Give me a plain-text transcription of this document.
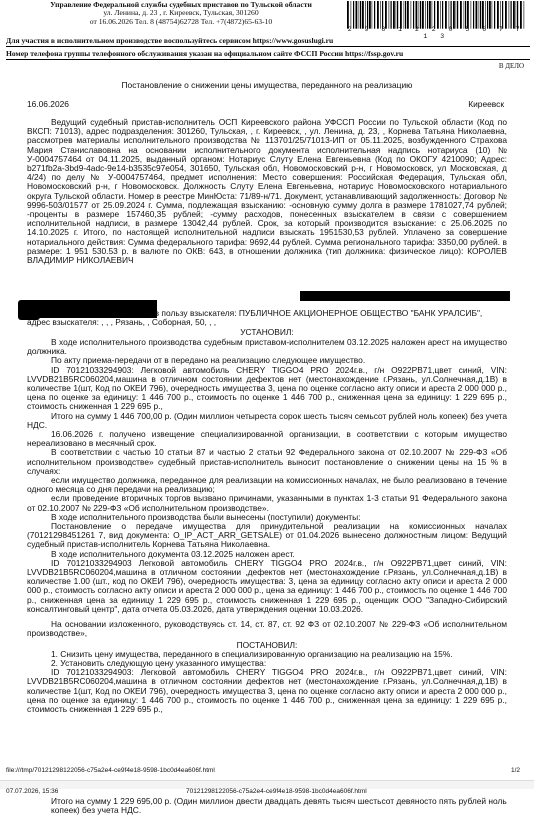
Управление Федеральной службы судебных приставов по Тульской области
ул. Ленина, д. 23 , г. Киреевск, Тульская, 301260
от 16.06.2026 Тел. 8 (48754)62728 Тел. +7(4872)65-63-10
2 9 8 1 2 2 0 5 6 7 7 1 3
Для участия в исполнительном производстве воспользуйтесь сервисом https://www.gosuslugi.ru
Номер телефона группы телефонного обслуживания указан на официальном сайте ФССП России https://fssp.gov.ru
В ДЕЛО
Постановление о снижении цены имущества, переданного на реализацию
16.06.2026	Киреевск

Ведущий судебный пристав-исполнитель ОСП Киреевского района УФССП России по Тульской области (Код по ВКСП: 71013), адрес подразделения: 301260, Тульская, , г. Киреевск, , ул. Ленина, д. 23, , Корнева Татьяна Николаевна, рассмотрев материалы исполнительного производства № 113701/25/71013-ИП от 05.11.2025, возбужденного Страхова Мария Станиславовна на основании исполнительного документа исполнительная надпись нотариуса (10) № У-0004757464 от 04.11.2025, выданный органом: Нотариус Слуту Елена Евгеньевна (Код по ОКОГУ 4210090; Адрес: b271fb2a-3bd9-4adc-9e14-b3535c97e054, 301650, Тульская обл, Новомосковский р-н, г Новомосковск, ул Московская, д 4/24) по делу № У-0004757464, предмет исполнения: Место совершения: Российская Федерация, Тульская обл, Новомосковский р-н, г Новомосковск. Должность Слуту Елена Евгеньевна, нотариус Новомосковского нотариального округа Тульской области. Номер в реестре МинЮста: 71/89-н/71. Документ, устанавливающий задолженность: Договор № 9996-503/01577 от 25.09.2024 г. Сумма, подлежащая взысканию: -основную сумму долга в размере 1781027,74 рублей; -проценты в размере 157460,35 рублей; -сумму расходов, понесенных взыскателем в связи с совершением исполнительной надписи, в размере 13042,44 рублей. Срок, за который производится взыскание: с 25.06.2025 по 14.10.2025 г. Итого, по настоящей исполнительной надписи взыскать 1951530,53 рублей. Уплачено за совершение нотариального действия: Сумма федерального тарифа: 9692,44 рублей. Сумма регионального тарифа: 3350,00 рублей. в размере: 1 951 530.53 р. в валюте по ОКВ: 643, в отношении должника (тип должника: физическое лицо): КОРОЛЕВ ВЛАДИМИР НИКОЛАЕВИЧ

, в пользу взыскателя: ПУБЛИЧНОЕ АКЦИОНЕРНОЕ ОБЩЕСТВО "БАНК УРАЛСИБ",
адрес взыскателя: , , , Рязань, , Соборная, 50, , ,
УСТАНОВИЛ:

В ходе исполнительного производства судебным приставом-исполнителем 03.12.2025 наложен арест на имущество должника.

По акту приема-передачи от в передано на реализацию следующее имущество.

ID 70121033294903: Легковой автомобиль CHERY TIGGO4 PRO 2024г.в., г/н O922PB71,цвет синий, VIN: LVVDB21B5RC060204,машина в отличном состоянии дефектов нет (местонахождение г.Рязань, ул.Солнечная,д.1В) в количестве 1(шт, Код по ОКЕИ 796), очередность имущества 3, цена по оценке согласно акту описи и ареста 2 000 000 р., цена по оценке за единицу: 1 446 700 р., стоимость по оценке 1 446 700 р., сниженная цена за единицу: 1 229 695 р., стоимость сниженная 1 229 695 р.,

Итого на сумму 1 446 700,00 р. (Один миллион четыреста сорок шесть тысяч семьсот рублей ноль копеек) без учета НДС.

16.06.2026 г. получено извещение специализированной организации, в соответствии с которым имущество нереализовано в месячный срок.

В соответствии с частью 10 статьи 87 и частью 2 статьи 92 Федерального закона от 02.10.2007 № 229-ФЗ «Об исполнительном производстве» судебный пристав-исполнитель выносит постановление о снижении цены на 15 % в случаях:

если имущество должника, переданное для реализации на комиссионных началах, не было реализовано в течение одного месяца со дня передачи на реализацию;

если проведение вторичных торгов вызвано причинами, указанными в пунктах 1-3 статьи 91 Федерального закона от 02.10.2007 № 229-ФЗ «Об исполнительном производстве».

В ходе исполнительного производства были вынесены (поступили) документы:

Постановление о передаче имущества для принудительной реализации на комиссионных началах (70121298451261 7, вид документа: O_IP_ACT_ARR_GETSALE) от 01.04.2026 вынесено должностным лицом: Ведущий судебный пристав-исполнитель Корнева Татьяна Николаевна.

В ходе исполнительного документа 03.12.2025 наложен арест.

ID 70121033294903 Легковой автомобиль CHERY TIGGO4 PRO 2024г.в., г/н O922PB71,цвет синий, VIN: LVVDB21B5RC060204,машина в отличном состоянии ,дефектов нет (местонахождение г.Рязань, ул.Солнечная,д.1В) в количестве 1.00 (шт., код по ОКЕИ 796), очередность имущества: 3, цена за единицу согласно акту описи и ареста 2 000 000 р., стоимость согласно акту описи и ареста 2 000 000 р., цена за единицу: 1 446 700 р., стоимость по оценке 1 446 700 р., сниженная цена за единицу 1 229 695 р., стоимость сниженная 1 229 695 р., оценщик ООО "Западно-Сибирский консалтинговый центр", дата отчета 05.03.2026, дата утверждения оценки 10.03.2026.

На основании изложенного, руководствуясь ст. 14, ст. 87, ст. 92 ФЗ от 02.10.2007 № 229-ФЗ «Об исполнительном производстве»,

ПОСТАНОВИЛ:

1. Снизить цену имущества, переданного в специализированную организацию на реализацию на 15%.

2. Установить следующую цену указанного имущества:

ID 70121033294903: Легковой автомобиль CHERY TIGGO4 PRO 2024г.в., г/н O922PB71,цвет синий, VIN: LVVDB21B5RC060204,машина в отличном состоянии дефектов нет (местонахождение г.Рязань, ул.Солнечная,д.1В) в количестве 1(шт, Код по ОКЕИ 796), очередность имущества 3, цена по оценке согласно акту описи и ареста 2 000 000 р., цена по оценке за единицу: 1 446 700 р., стоимость по оценке 1 446 700 р., сниженная цена за единицу: 1 229 695 р., стоимость сниженная 1 229 695 р.,

file:///tmp/70121298122056-c75a2e4-ce9f4e18-9598-1bc0d4ea606f.html	1/2
07.07.2026, 15:36	70121298122056-c75a2e4-ce9f4e18-9598-1bc0d4ea606f.html
Итого на сумму 1 229 695,00 р. (Один миллион двести двадцать девять тысяч шестьсот девяносто пять рублей ноль копеек) без учета НДС.
